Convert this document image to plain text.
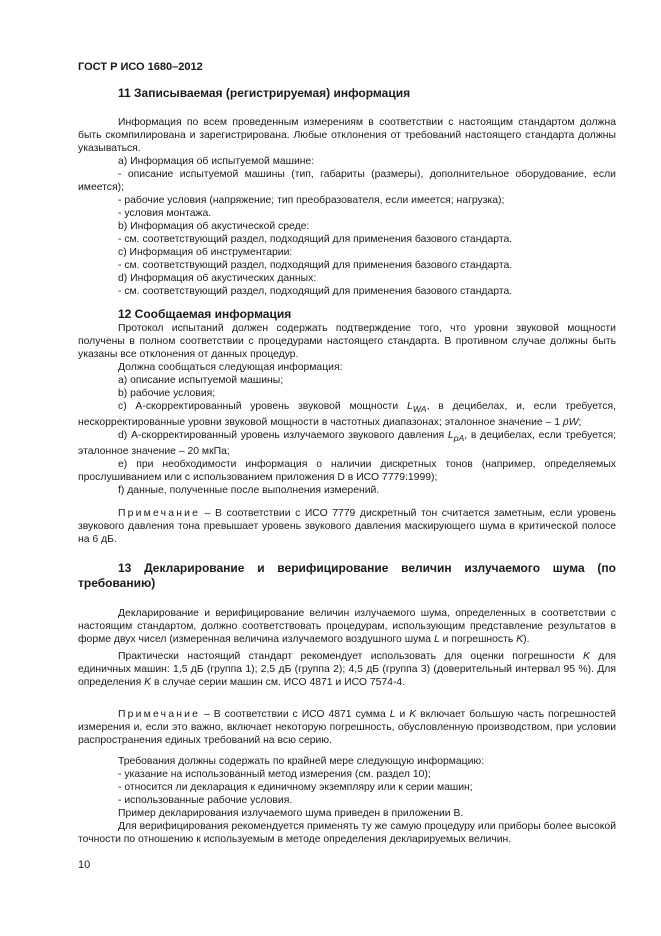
ГОСТ Р ИСО 1680–2012

11 Записываемая (регистрируемая) информация

Информация по всем проведенным измерениям в соответствии с настоящим стандартом должна быть скомпилирована и зарегистрирована. Любые отклонения от требований настоящего стандарта должны указываться.

a) Информация об испытуемой машине:

- описание испытуемой машины (тип, габариты (размеры), дополнительное оборудование, если имеется);

- рабочие условия (напряжение; тип преобразователя, если имеется; нагрузка);

- условия монтажа.

b) Информация об акустической среде:

- см. соответствующий раздел, подходящий для применения базового стандарта.

c) Информация об инструментарии:

- см. соответствующий раздел, подходящий для применения базового стандарта.

d) Информация об акустических данных:

- см. соответствующий раздел, подходящий для применения базового стандарта.

12 Сообщаемая информация

Протокол испытаний должен содержать подтверждение того, что уровни звуковой мощности получены в полном соответствии с процедурами настоящего стандарта. В противном случае должны быть указаны все отклонения от данных процедур.

Должна сообщаться следующая информация:

a) описание испытуемой машины;

b) рабочие условия;

c) А-скорректированный уровень звуковой мощности $L_{WA}$, в децибелах, и, если требуется, нескорректированные уровни звуковой мощности в частотных диапазонах; эталонное значение – 1 pW;

d) А-скорректированный уровень излучаемого звукового давления $L_{pA}$, в децибелах, если требуется; эталонное значение – 20 мкПа;

e) при необходимости информация о наличии дискретных тонов (например, определяемых прослушиванием или с использованием приложения D в ИСО 7779:1999);

f) данные, полученные после выполнения измерений.

Примечание – В соответствии с ИСО 7779 дискретный тон считается заметным, если уровень звукового давления тона превышает уровень звукового давления маскирующего шума в критической полосе на 6 дБ.

13 Декларирование и верифицирование величин излучаемого шума (по требованию)

Декларирование и верифицирование величин излучаемого шума, определенных в соответствии с настоящим стандартом, должно соответствовать процедурам, использующим представление результатов в форме двух чисел (измеренная величина излучаемого воздушного шума L и погрешность K).

Практически настоящий стандарт рекомендует использовать для оценки погрешности K для единичных машин: 1,5 дБ (группа 1); 2,5 дБ (группа 2); 4,5 дБ (группа 3) (доверительный интервал 95 %). Для определения K в случае серии машин см. ИСО 4871 и ИСО 7574-4.

Примечание – В соответствии с ИСО 4871 сумма L и K включает большую часть погрешностей измерения и, если это важно, включает некоторую погрешность, обусловленную производством, при условии распространения единых требований на всю серию.

Требования должны содержать по крайней мере следующую информацию:

- указание на использованный метод измерения (см. раздел 10);

- относится ли декларация к единичному экземпляру или к серии машин;

- использованные рабочие условия.

Пример декларирования излучаемого шума приведен в приложении В.

Для верифицирования рекомендуется применять ту же самую процедуру или приборы более высокой точности по отношению к используемым в методе определения декларируемых величин.

10
